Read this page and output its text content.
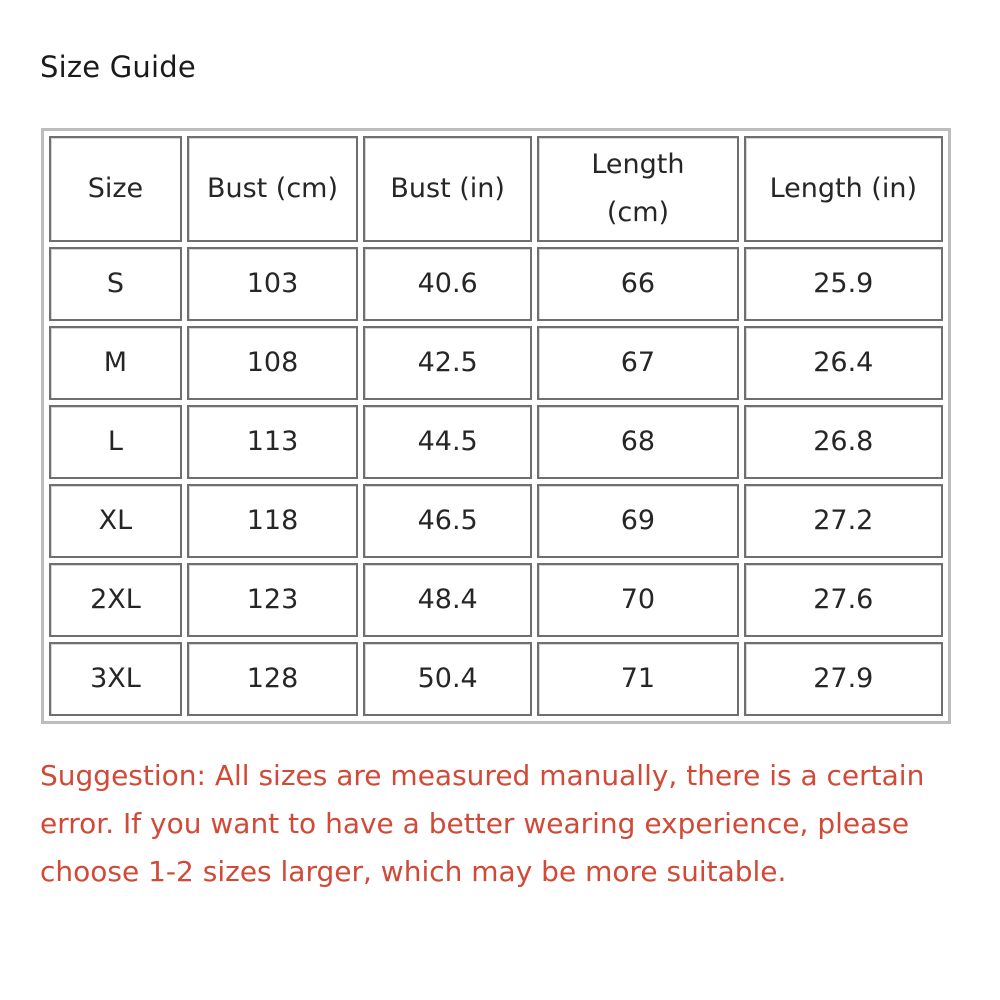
Size Guide
Size	Bust (cm)	Bust (in)	Length (cm)	Length (in)
S	103	40.6	66	25.9
M	108	42.5	67	26.4
L	113	44.5	68	26.8
XL	118	46.5	69	27.2
2XL	123	48.4	70	27.6
3XL	128	50.4	71	27.9

Suggestion: All sizes are measured manually, there is a certain error. If you want to have a better wearing experience, please choose 1-2 sizes larger, which may be more suitable.
